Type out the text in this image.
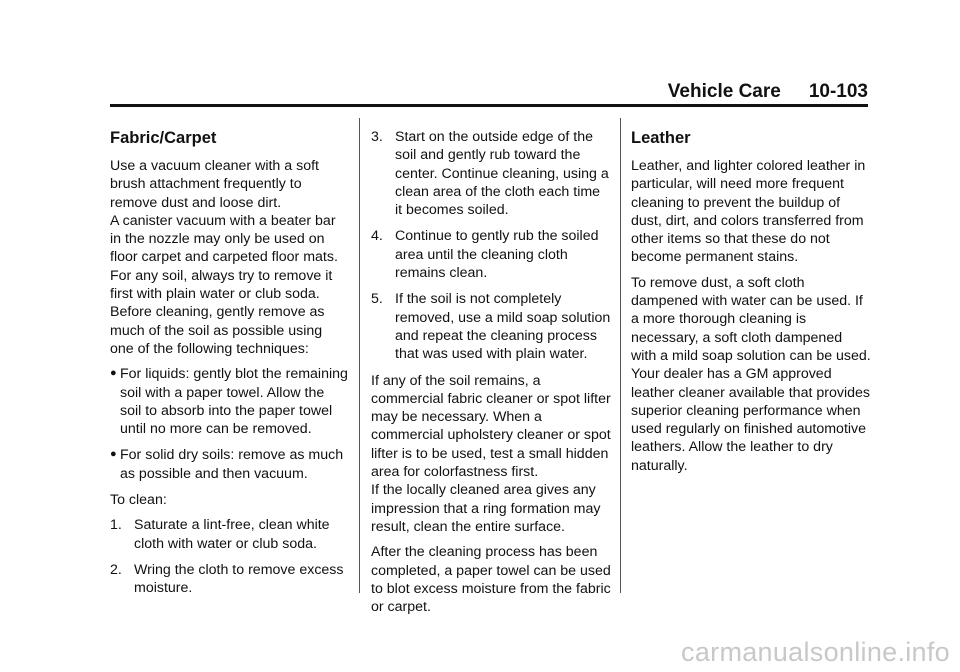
Vehicle Care 10-103
Fabric/Carpet

Use a vacuum cleaner with a soft brush attachment frequently to remove dust and loose dirt.

A canister vacuum with a beater bar in the nozzle may only be used on floor carpet and carpeted floor mats.

For any soil, always try to remove it first with plain water or club soda.

Before cleaning, gently remove as much of the soil as possible using one of the following techniques:

● For liquids: gently blot the remaining soil with a paper towel. Allow the soil to absorb into the paper towel until no more can be removed.
● For solid dry soils: remove as much as possible and then vacuum.

To clean:

1. Saturate a lint-free, clean white cloth with water or club soda.
2. Wring the cloth to remove excess moisture.
3. Start on the outside edge of the soil and gently rub toward the center. Continue cleaning, using a clean area of the cloth each time it becomes soiled.
4. Continue to gently rub the soiled area until the cleaning cloth remains clean.
5. If the soil is not completely removed, use a mild soap solution and repeat the cleaning process that was used with plain water.

If any of the soil remains, a commercial fabric cleaner or spot lifter may be necessary. When a commercial upholstery cleaner or spot lifter is to be used, test a small hidden area for colorfastness first.

If the locally cleaned area gives any impression that a ring formation may result, clean the entire surface.

After the cleaning process has been completed, a paper towel can be used to blot excess moisture from the fabric or carpet.

Leather

Leather, and lighter colored leather in particular, will need more frequent cleaning to prevent the buildup of dust, dirt, and colors transferred from other items so that these do not become permanent stains.

To remove dust, a soft cloth dampened with water can be used. If a more thorough cleaning is necessary, a soft cloth dampened with a mild soap solution can be used. Your dealer has a GM approved leather cleaner available that provides superior cleaning performance when used regularly on finished automotive leathers. Allow the leather to dry naturally.

carmanualsonline.info
